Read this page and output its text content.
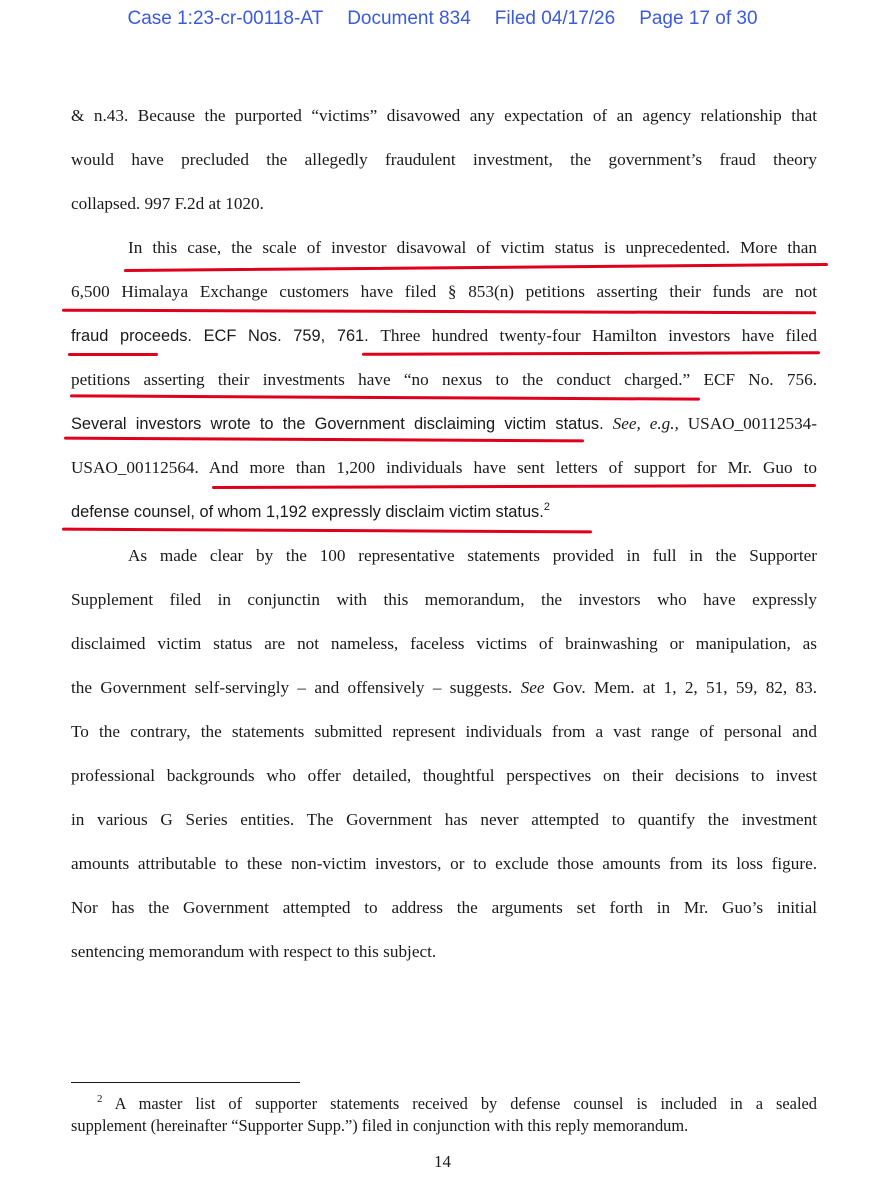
Case 1:23-cr-00118-AT Document 834 Filed 04/17/26 Page 17 of 30
& n.43. Because the purported “victims” disavowed any expectation of an agency relationship that
would have precluded the allegedly fraudulent investment, the government’s fraud theory
collapsed. 997 F.2d at 1020.
In this case, the scale of investor disavowal of victim status is unprecedented. More than
6,500 Himalaya Exchange customers have filed § 853(n) petitions asserting their funds are not
fraud proceeds. ECF Nos. 759, 761. Three hundred twenty-four Hamilton investors have filed
petitions asserting their investments have “no nexus to the conduct charged.” ECF No. 756.
Several investors wrote to the Government disclaiming victim status. See, e.g., USAO_00112534-
USAO_00112564. And more than 1,200 individuals have sent letters of support for Mr. Guo to
defense counsel, of whom 1,192 expressly disclaim victim status.$^2$
As made clear by the 100 representative statements provided in full in the Supporter
Supplement filed in conjunctin with this memorandum, the investors who have expressly
disclaimed victim status are not nameless, faceless victims of brainwashing or manipulation, as
the Government self-servingly – and offensively – suggests. See Gov. Mem. at 1, 2, 51, 59, 82, 83.
To the contrary, the statements submitted represent individuals from a vast range of personal and
professional backgrounds who offer detailed, thoughtful perspectives on their decisions to invest
in various G Series entities. The Government has never attempted to quantify the investment
amounts attributable to these non-victim investors, or to exclude those amounts from its loss figure.
Nor has the Government attempted to address the arguments set forth in Mr. Guo’s initial
sentencing memorandum with respect to this subject.
$^2$ A master list of supporter statements received by defense counsel is included in a sealed
supplement (hereinafter “Supporter Supp.”) filed in conjunction with this reply memorandum.
14
